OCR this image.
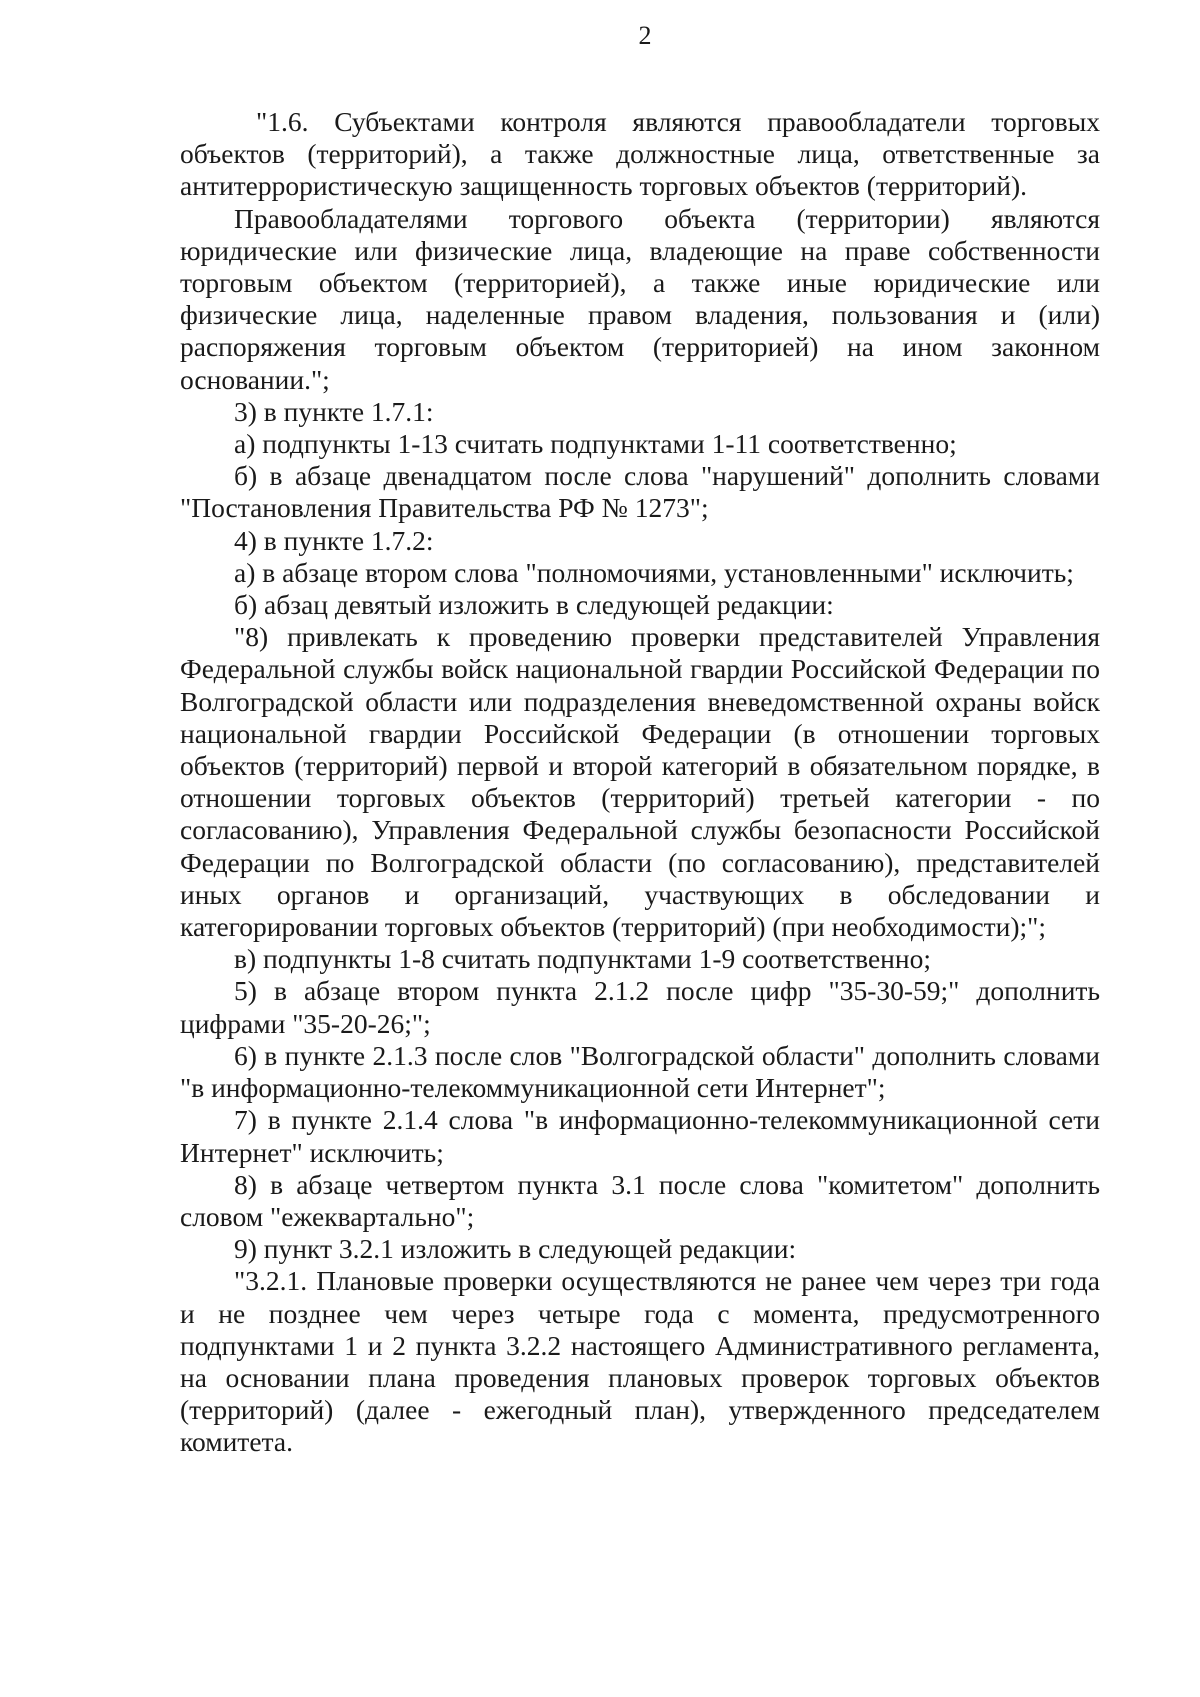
2

"1.6. Субъектами контроля являются правообладатели торговых объектов (территорий), а также должностные лица, ответственные за антитеррористическую защищенность торговых объектов (территорий).

Правообладателями торгового объекта (территории) являются юридические или физические лица, владеющие на праве собственности торговым объектом (территорией), а также иные юридические или физические лица, наделенные правом владения, пользования и (или) распоряжения торговым объектом (территорией) на ином законном основании.";

3) в пункте 1.7.1:

а) подпункты 1-13 считать подпунктами 1-11 соответственно;

б) в абзаце двенадцатом после слова "нарушений" дополнить словами "Постановления Правительства РФ № 1273";

4) в пункте 1.7.2:

а) в абзаце втором слова "полномочиями, установленными" исключить;

б) абзац девятый изложить в следующей редакции:

"8) привлекать к проведению проверки представителей Управления Федеральной службы войск национальной гвардии Российской Федерации по Волгоградской области или подразделения вневедомственной охраны войск национальной гвардии Российской Федерации (в отношении торговых объектов (территорий) первой и второй категорий в обязательном порядке, в отношении торговых объектов (территорий) третьей категории - по согласованию), Управления Федеральной службы безопасности Российской Федерации по Волгоградской области (по согласованию), представителей иных органов и организаций, участвующих в обследовании и категорировании торговых объектов (территорий) (при необходимости);";

в) подпункты 1-8 считать подпунктами 1-9 соответственно;

5) в абзаце втором пункта 2.1.2 после цифр "35-30-59;" дополнить цифрами "35-20-26;";

6) в пункте 2.1.3 после слов "Волгоградской области" дополнить словами "в информационно-телекоммуникационной сети Интернет";

7) в пункте 2.1.4 слова "в информационно-телекоммуникационной сети Интернет" исключить;

8) в абзаце четвертом пункта 3.1 после слова "комитетом" дополнить словом "ежеквартально";

9) пункт 3.2.1 изложить в следующей редакции:

"3.2.1. Плановые проверки осуществляются не ранее чем через три года и не позднее чем через четыре года с момента, предусмотренного подпунктами 1 и 2 пункта 3.2.2 настоящего Административного регламента, на основании плана проведения плановых проверок торговых объектов (территорий) (далее - ежегодный план), утвержденного председателем комитета.
